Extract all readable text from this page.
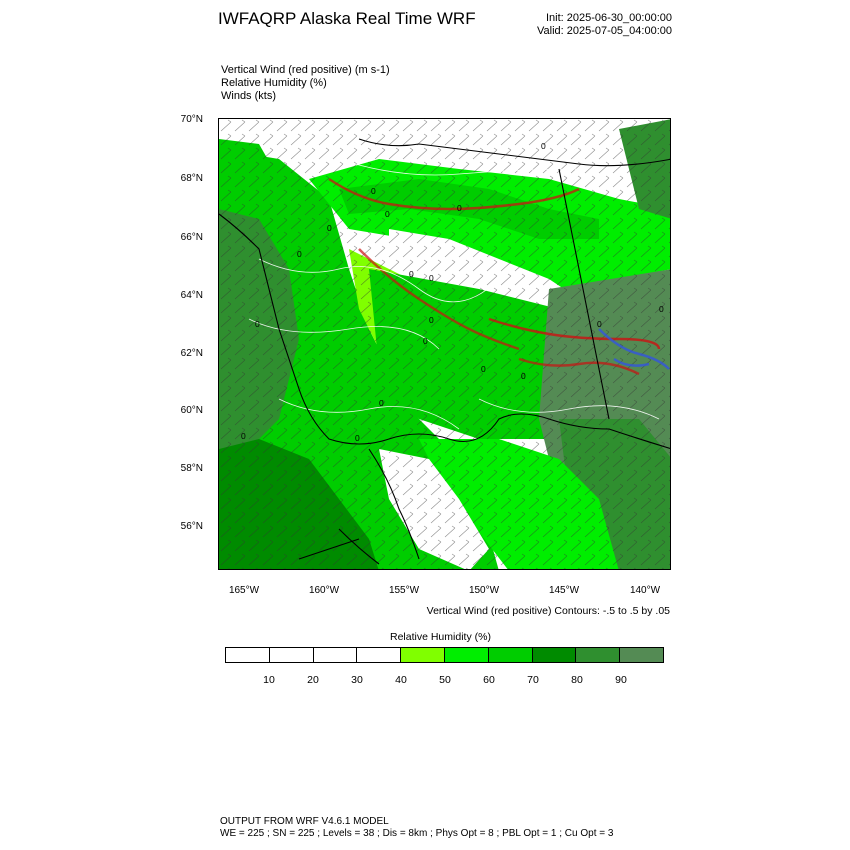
IWFAQRP Alaska Real Time WRF	Init: 2025-06-30_00:00:00
Valid: 2025-07-05_04:00:00
Vertical Wind (red positive) (m s-1)
Relative Humidity (%)
Winds (kts)
0
0
0
0
0
0 0
0
0
0
0
0
0
0
0
0
0
0
70°N
68°N
66°N
64°N
62°N
60°N
58°N
56°N
165°W	160°W	155°W	150°W	145°W	140°W
Vertical Wind (red positive) Contours: -.5 to .5 by .05
Relative Humidity (%)
10	20	30	40	50	60	70	80	90
OUTPUT FROM WRF V4.6.1 MODEL
WE = 225 ; SN = 225 ; Levels = 38 ; Dis = 8km ; Phys Opt = 8 ; PBL Opt = 1 ; Cu Opt = 3
